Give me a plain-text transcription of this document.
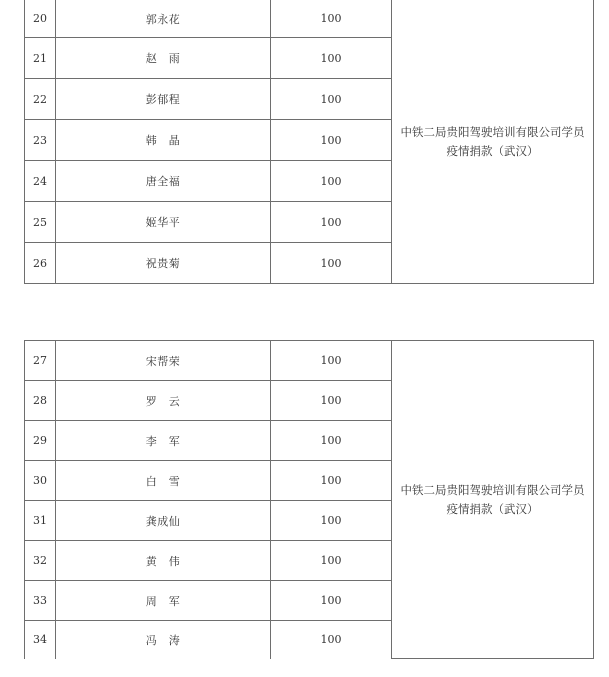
20	郭永花	100	中铁二局贵阳驾驶培训有限公司学员
疫情捐款（武汉）

21	赵　雨	100	
22	彭郁程	100	
23	韩　晶	100	
24	唐全福	100	
25	姬华平	100	
26	祝贵菊	100	
27	宋帮荣	100	中铁二局贵阳驾驶培训有限公司学员
疫情捐款（武汉）

28	罗　云	100	
29	李　军	100	
30	白　雪	100	
31	龚成仙	100	
32	黄　伟	100	
33	周　军	100	
34	冯　涛	100	
